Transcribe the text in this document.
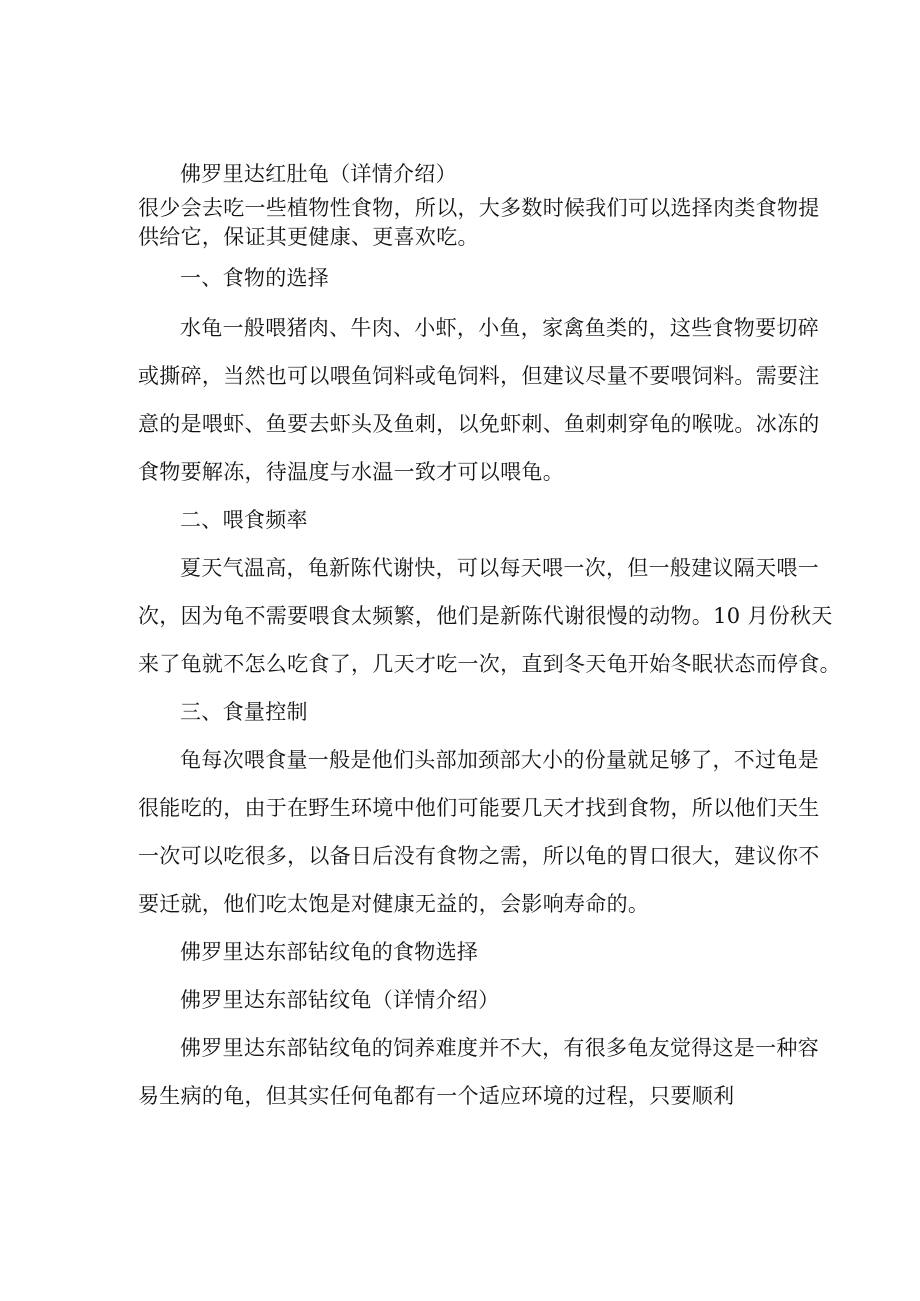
佛罗里达红肚龟（详情介绍）
很少会去吃一些植物性食物，所以，大多数时候我们可以选择肉类食物提
供给它，保证其更健康、更喜欢吃。
一、食物的选择
水龟一般喂猪肉、牛肉、小虾，小鱼，家禽鱼类的，这些食物要切碎
或撕碎，当然也可以喂鱼饲料或龟饲料，但建议尽量不要喂饲料。需要注
意的是喂虾、鱼要去虾头及鱼刺，以免虾刺、鱼刺刺穿龟的喉咙。冰冻的
食物要解冻，待温度与水温一致才可以喂龟。
二、喂食频率
夏天气温高，龟新陈代谢快，可以每天喂一次，但一般建议隔天喂一
次，因为龟不需要喂食太频繁，他们是新陈代谢很慢的动物。10 月份秋天
来了龟就不怎么吃食了，几天才吃一次，直到冬天龟开始冬眠状态而停食。
三、食量控制
龟每次喂食量一般是他们头部加颈部大小的份量就足够了，不过龟是
很能吃的，由于在野生环境中他们可能要几天才找到食物，所以他们天生
一次可以吃很多，以备日后没有食物之需，所以龟的胃口很大，建议你不
要迁就，他们吃太饱是对健康无益的，会影响寿命的。
佛罗里达东部钻纹龟的食物选择
佛罗里达东部钻纹龟（详情介绍）
佛罗里达东部钻纹龟的饲养难度并不大，有很多龟友觉得这是一种容
易生病的龟，但其实任何龟都有一个适应环境的过程，只要顺利
